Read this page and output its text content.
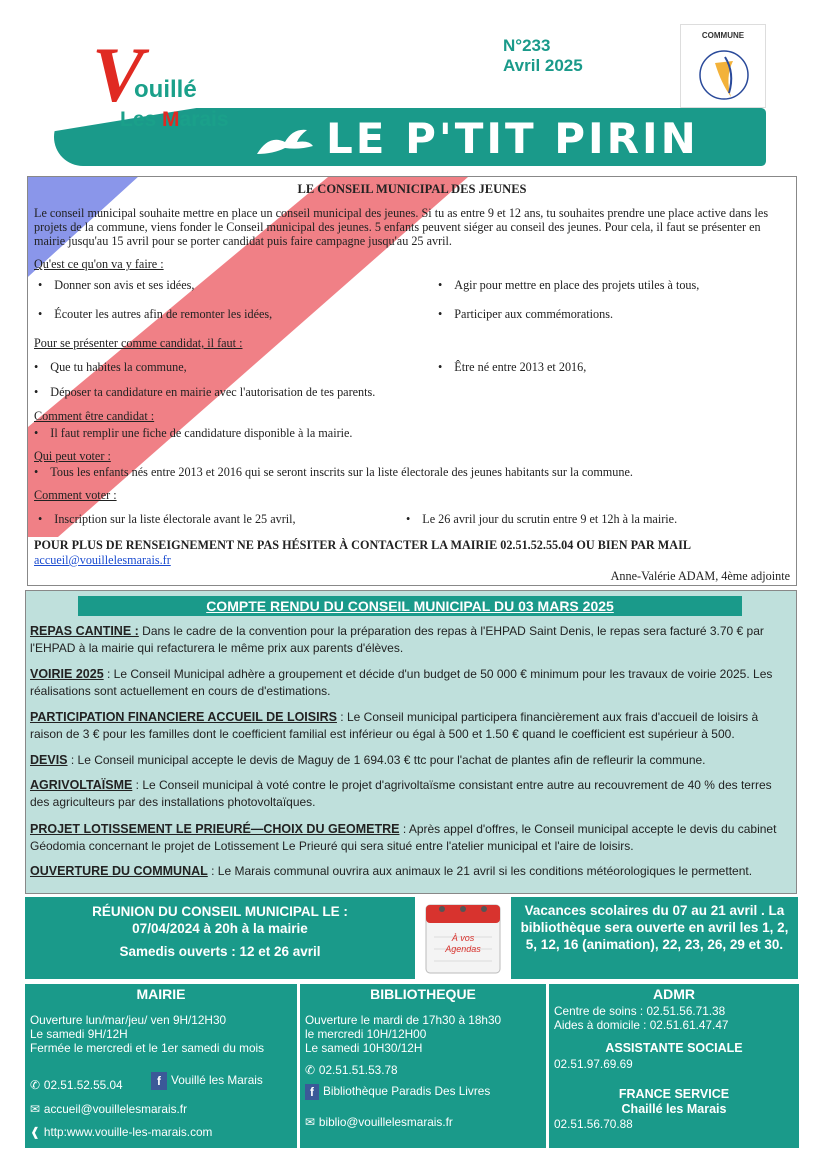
V
ouillé
Les Marais LE P'TIT PIRIN
N°233
Avril 2025
COMMUNE
LE CONSEIL MUNICIPAL DES JEUNES
Le conseil municipal souhaite mettre en place un conseil municipal des jeunes. Si tu as entre 9 et 12 ans, tu souhaites prendre une place active dans les projets de la commune, viens fonder le Conseil municipal des jeunes. 5 enfants peuvent siéger au conseil des jeunes. Pour cela, il faut se présenter en mairie jusqu'au 15 avril pour se porter candidat puis faire campagne jusqu'au 25 avril.
Qu'est ce qu'on va y faire :
• Donner son avis et ses idées,	• Agir pour mettre en place des projets utiles à tous,
• Écouter les autres afin de remonter les idées,	• Participer aux commémorations.
Pour se présenter comme candidat, il faut :
• Que tu habites la commune,	• Être né entre 2013 et 2016,
• Déposer ta candidature en mairie avec l'autorisation de tes parents.
Comment être candidat :
• Il faut remplir une fiche de candidature disponible à la mairie.
Qui peut voter :
• Tous les enfants nés entre 2013 et 2016 qui se seront inscrits sur la liste électorale des jeunes habitants sur la commune.
Comment voter :
• Inscription sur la liste électorale avant le 25 avril,	• Le 26 avril jour du scrutin entre 9 et 12h à la mairie.
POUR PLUS DE RENSEIGNEMENT NE PAS HÉSITER À CONTACTER LA MAIRIE 02.51.52.55.04 OU BIEN PAR MAIL
accueil@vouillelesmarais.fr
Anne-Valérie ADAM, 4ème adjointe
COMPTE RENDU DU CONSEIL MUNICIPAL DU 03 MARS 2025
REPAS CANTINE : Dans le cadre de la convention pour la préparation des repas à l'EHPAD Saint Denis, le repas sera facturé 3.70 € par l'EHPAD à la mairie qui refacturera le même prix aux parents d'élèves.
VOIRIE 2025 : Le Conseil Municipal adhère a groupement et décide d'un budget de 50 000 € minimum pour les travaux de voirie 2025. Les réalisations sont actuellement en cours de d'estimations.
PARTICIPATION FINANCIERE ACCUEIL DE LOISIRS : Le Conseil municipal participera financièrement aux frais d'accueil de loisirs à raison de 3 € pour les familles dont le coefficient familial est inférieur ou égal à 500 et 1.50 € quand le coefficient est supérieur à 500.
DEVIS : Le Conseil municipal accepte le devis de Maguy de 1 694.03 € ttc pour l'achat de plantes afin de refleurir la commune.
AGRIVOLTAÏSME : Le Conseil municipal à voté contre le projet d'agrivoltaïsme consistant entre autre au recouvrement de 40 % des terres des agriculteurs par des installations photovoltaïques.
PROJET LOTISSEMENT LE PRIEURÉ—CHOIX DU GEOMETRE : Après appel d'offres, le Conseil municipal accepte le devis du cabinet Géodomia concernant le projet de Lotissement Le Prieuré qui sera situé entre l'atelier municipal et l'aire de loisirs.
OUVERTURE DU COMMUNAL : Le Marais communal ouvrira aux animaux le 21 avril si les conditions météorologiques le permettent.
RÉUNION DU CONSEIL MUNICIPAL LE :
07/04/2024 à 20h à la mairie
Samedis ouverts : 12 et 26 avril
À vos Agendas
Vacances scolaires du 07 au 21 avril . La bibliothèque sera ouverte en avril les 1, 2, 5, 12, 16 (animation), 22, 23, 26, 29 et 30.
MAIRIE
Ouverture lun/mar/jeu/ ven 9H/12H30
Le samedi 9H/12H
Fermée le mercredi et le 1er samedi du mois
✆ 02.51.52.55.04	f Vouillé les Marais
✉ accueil@vouillelesmarais.fr
❰ http:www.vouille-les-marais.com
BIBLIOTHEQUE
Ouverture le mardi de 17h30 à 18h30
le mercredi 10H/12H00
Le samedi 10H30/12H
✆ 02.51.51.53.78
f Bibliothèque Paradis Des Livres
✉ biblio@vouillelesmarais.fr
ADMR
Centre de soins : 02.51.56.71.38
Aides à domicile : 02.51.61.47.47
ASSISTANTE SOCIALE
02.51.97.69.69
FRANCE SERVICE
Chaillé les Marais
02.51.56.70.88
